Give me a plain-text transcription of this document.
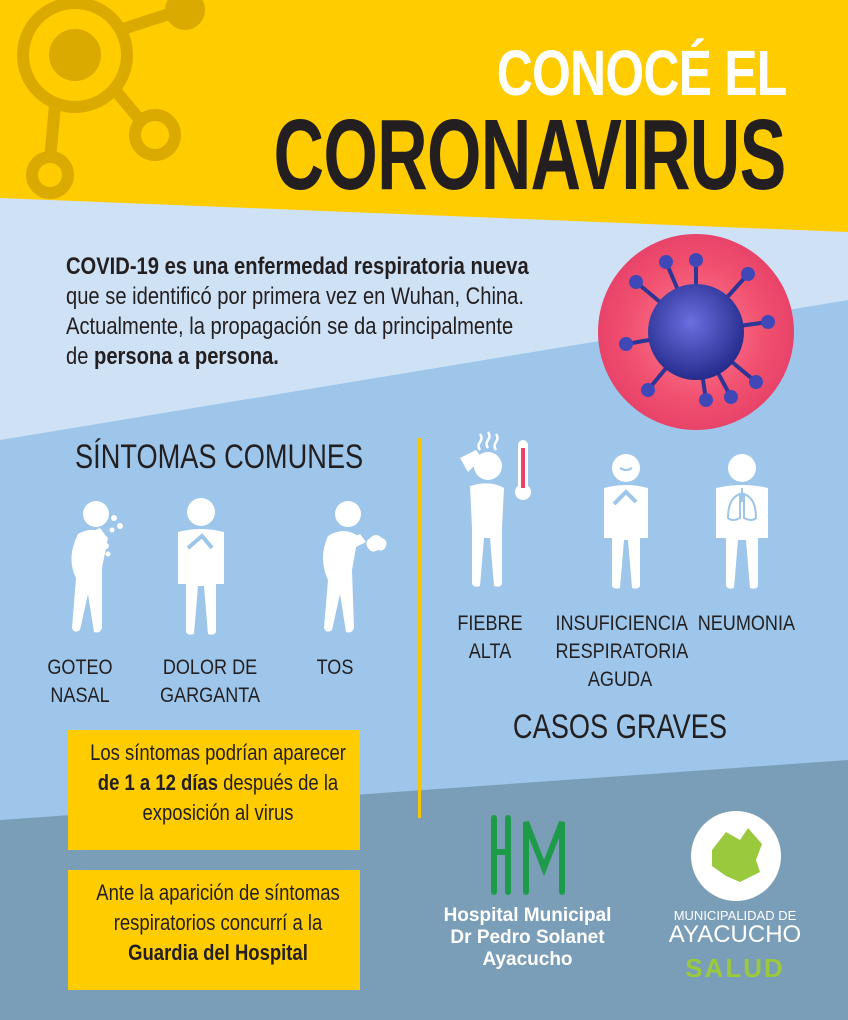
CONOCÉ EL
CORONAVIRUS
COVID-19 es una enfermedad respiratoria nueva
que se identificó por primera vez en Wuhan, China.
Actualmente, la propagación se da principalmente
de persona a persona.
SÍNTOMAS COMUNES
CASOS GRAVES
GOTEO
NASAL
DOLOR DE
GARGANTA
TOS
FIEBRE
ALTA
INSUFICIENCIA
RESPIRATORIA
AGUDA
NEUMONIA
Los síntomas podrían aparecer
de 1 a 12 días después de la
exposición al virus
Ante la aparición de síntomas
respiratorios concurrí a la
Guardia del Hospital
Hospital Municipal
Dr Pedro Solanet
Ayacucho
MUNICIPALIDAD DE
AYACUCHO
SALUD
